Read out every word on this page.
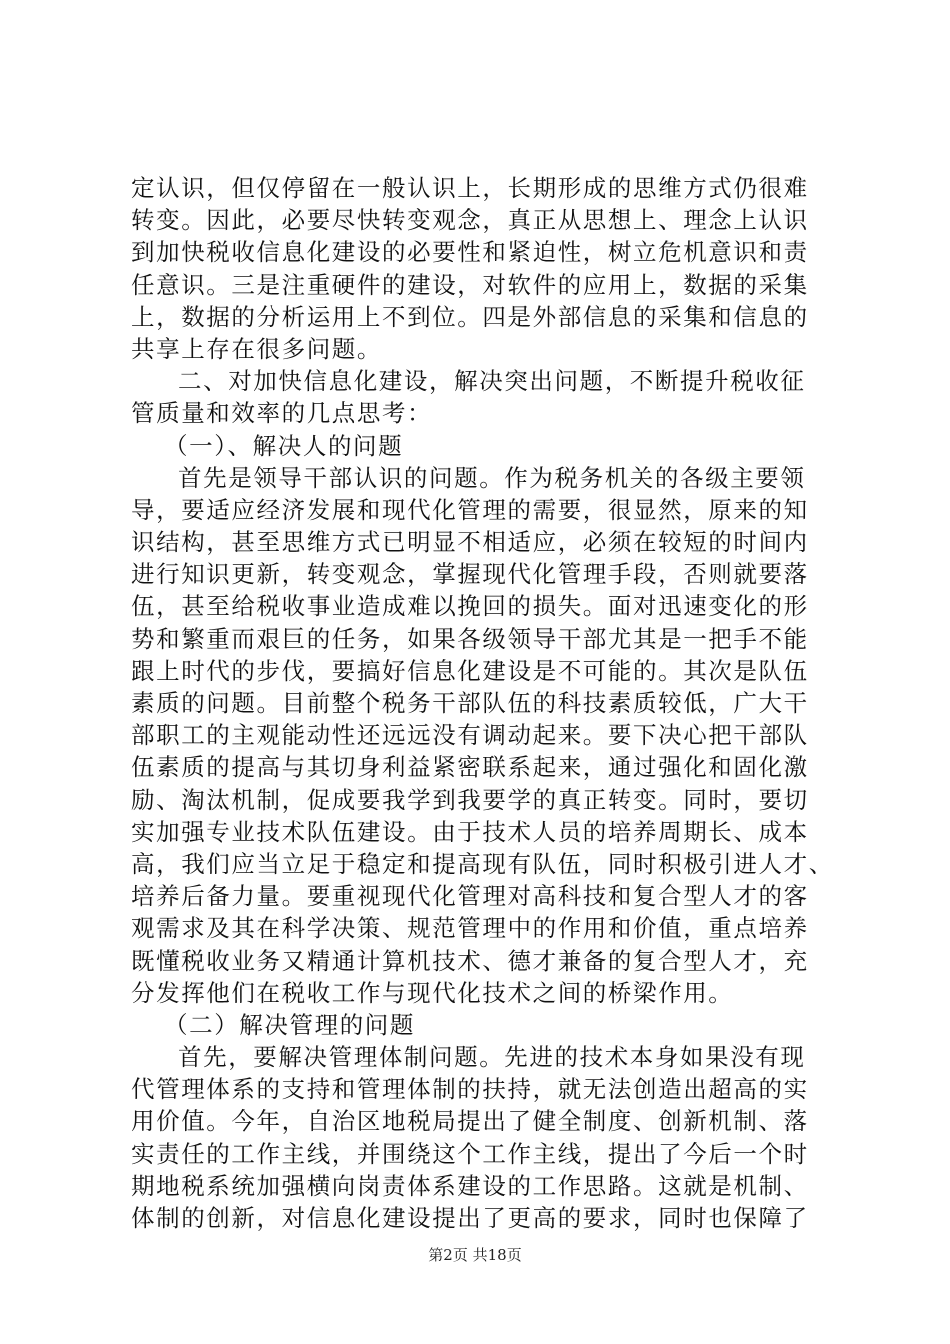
定认识，但仅停留在一般认识上，长期形成的思维方式仍很难
转变。因此，必要尽快转变观念，真正从思想上、理念上认识
到加快税收信息化建设的必要性和紧迫性，树立危机意识和责
任意识。三是注重硬件的建设，对软件的应用上，数据的采集
上，数据的分析运用上不到位。四是外部信息的采集和信息的
共享上存在很多问题。
二、对加快信息化建设，解决突出问题，不断提升税收征
管质量和效率的几点思考：
（一）、解决人的问题
首先是领导干部认识的问题。作为税务机关的各级主要领
导，要适应经济发展和现代化管理的需要，很显然，原来的知
识结构，甚至思维方式已明显不相适应，必须在较短的时间内
进行知识更新，转变观念，掌握现代化管理手段，否则就要落
伍，甚至给税收事业造成难以挽回的损失。面对迅速变化的形
势和繁重而艰巨的任务，如果各级领导干部尤其是一把手不能
跟上时代的步伐，要搞好信息化建设是不可能的。其次是队伍
素质的问题。目前整个税务干部队伍的科技素质较低，广大干
部职工的主观能动性还远远没有调动起来。要下决心把干部队
伍素质的提高与其切身利益紧密联系起来，通过强化和固化激
励、淘汰机制，促成要我学到我要学的真正转变。同时，要切
实加强专业技术队伍建设。由于技术人员的培养周期长、成本
高，我们应当立足于稳定和提高现有队伍，同时积极引进人才、
培养后备力量。要重视现代化管理对高科技和复合型人才的客
观需求及其在科学决策、规范管理中的作用和价值，重点培养
既懂税收业务又精通计算机技术、德才兼备的复合型人才，充
分发挥他们在税收工作与现代化技术之间的桥梁作用。
（二）解决管理的问题
首先，要解决管理体制问题。先进的技术本身如果没有现
代管理体系的支持和管理体制的扶持，就无法创造出超高的实
用价值。今年，自治区地税局提出了健全制度、创新机制、落
实责任的工作主线，并围绕这个工作主线，提出了今后一个时
期地税系统加强横向岗责体系建设的工作思路。这就是机制、
体制的创新，对信息化建设提出了更高的要求，同时也保障了
第2页 共18页
